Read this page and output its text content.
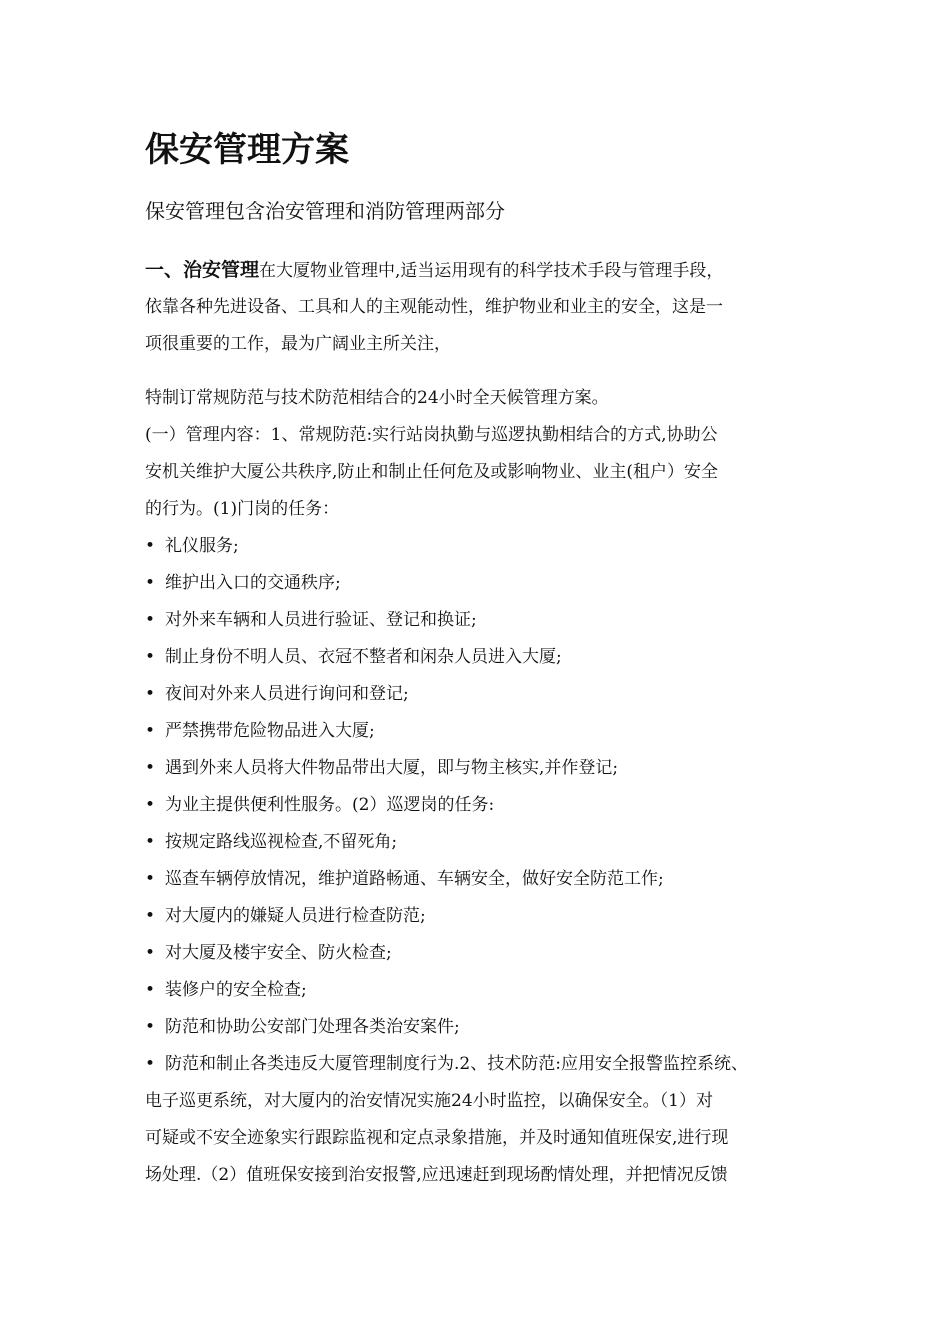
保安管理方案
保安管理包含治安管理和消防管理两部分
一、治安管理在大厦物业管理中,适当运用现有的科学技术手段与管理手段，
依靠各种先进设备、工具和人的主观能动性，维护物业和业主的安全，这是一
项很重要的工作，最为广阔业主所关注，
特制订常规防范与技术防范相结合的24小时全天候管理方案。
(一）管理内容：1、常规防范:实行站岗执勤与巡逻执勤相结合的方式,协助公
安机关维护大厦公共秩序,防止和制止任何危及或影响物业、业主(租户）安全
的行为。(1)门岗的任务：
• 礼仪服务;
• 维护出入口的交通秩序;
• 对外来车辆和人员进行验证、登记和换证;
• 制止身份不明人员、衣冠不整者和闲杂人员进入大厦;
• 夜间对外来人员进行询问和登记;
• 严禁携带危险物品进入大厦;
• 遇到外来人员将大件物品带出大厦，即与物主核实,并作登记;
• 为业主提供便利性服务。(2）巡逻岗的任务:
• 按规定路线巡视检查,不留死角;
• 巡查车辆停放情况，维护道路畅通、车辆安全，做好安全防范工作;
• 对大厦内的嫌疑人员进行检查防范;
• 对大厦及楼宇安全、防火检查;
• 装修户的安全检查;
• 防范和协助公安部门处理各类治安案件;
• 防范和制止各类违反大厦管理制度行为.2、技术防范:应用安全报警监控系统、
电子巡更系统，对大厦内的治安情况实施24小时监控，以确保安全。（1）对
可疑或不安全迹象实行跟踪监视和定点录象措施，并及时通知值班保安,进行现
场处理.（2）值班保安接到治安报警,应迅速赶到现场酌情处理，并把情况反馈
